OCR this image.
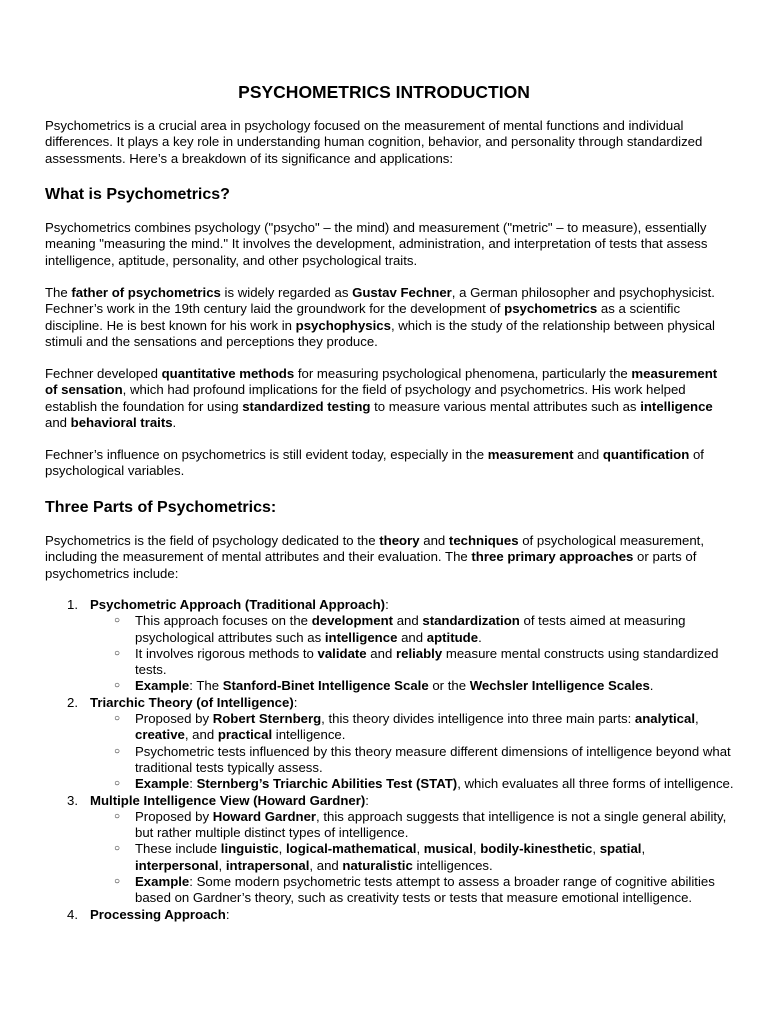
PSYCHOMETRICS INTRODUCTION

Psychometrics is a crucial area in psychology focused on the measurement of mental functions and individual differences. It plays a key role in understanding human cognition, behavior, and personality through standardized assessments. Here’s a breakdown of its significance and applications:

What is Psychometrics?

Psychometrics combines psychology ("psycho" – the mind) and measurement ("metric" – to measure), essentially meaning "measuring the mind." It involves the development, administration, and interpretation of tests that assess intelligence, aptitude, personality, and other psychological traits.

The father of psychometrics is widely regarded as Gustav Fechner, a German philosopher and psychophysicist. Fechner’s work in the 19th century laid the groundwork for the development of psychometrics as a scientific discipline. He is best known for his work in psychophysics, which is the study of the relationship between physical stimuli and the sensations and perceptions they produce.

Fechner developed quantitative methods for measuring psychological phenomena, particularly the measurement of sensation, which had profound implications for the field of psychology and psychometrics. His work helped establish the foundation for using standardized testing to measure various mental attributes such as intelligence and behavioral traits.

Fechner’s influence on psychometrics is still evident today, especially in the measurement and quantification of psychological variables.

Three Parts of Psychometrics:

Psychometrics is the field of psychology dedicated to the theory and techniques of psychological measurement, including the measurement of mental attributes and their evaluation. The three primary approaches or parts of psychometrics include:

1. Psychometric Approach (Traditional Approach):
○ This approach focuses on the development and standardization of tests aimed at measuring psychological attributes such as intelligence and aptitude.
○ It involves rigorous methods to validate and reliably measure mental constructs using standardized tests.
○ Example: The Stanford-Binet Intelligence Scale or the Wechsler Intelligence Scales.
2. Triarchic Theory (of Intelligence):
○ Proposed by Robert Sternberg, this theory divides intelligence into three main parts: analytical, creative, and practical intelligence.
○ Psychometric tests influenced by this theory measure different dimensions of intelligence beyond what traditional tests typically assess.
○ Example: Sternberg’s Triarchic Abilities Test (STAT), which evaluates all three forms of intelligence.
3. Multiple Intelligence View (Howard Gardner):
○ Proposed by Howard Gardner, this approach suggests that intelligence is not a single general ability, but rather multiple distinct types of intelligence.
○ These include linguistic, logical-mathematical, musical, bodily-kinesthetic, spatial, interpersonal, intrapersonal, and naturalistic intelligences.
○ Example: Some modern psychometric tests attempt to assess a broader range of cognitive abilities based on Gardner’s theory, such as creativity tests or tests that measure emotional intelligence.
4. Processing Approach:
